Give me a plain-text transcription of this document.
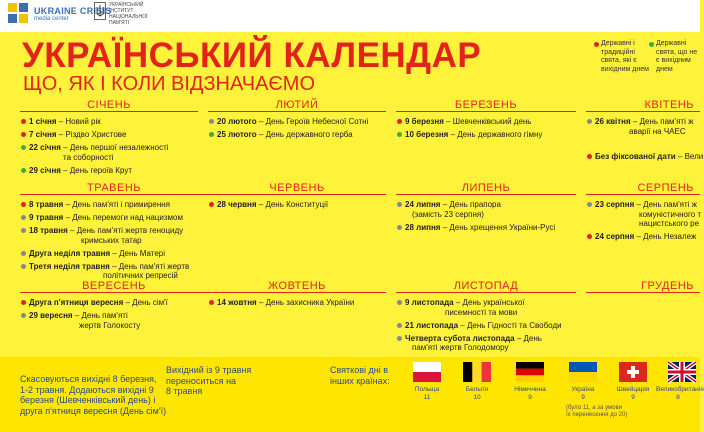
UKRAINE CRISIS
media center
УКРАЇНСЬКИЙ ІНСТИТУТ НАЦІОНАЛЬНОЇ ПАМ'ЯТІ
УКРАЇНСЬКИЙ КАЛЕНДАР
ЩО, ЯК І КОЛИ ВІДЗНАЧАЄМО
Державні і традиційні свята, які є вихідним днем
Державні свята, що не є вихідним днем
СІЧЕНЬ
1 січня – Новий рік
7 січня – Різдво Христове
22 січня – День першої незалежності
та соборності
29 січня – День героїв Крут
ЛЮТИЙ
20 лютого – День Героїв Небесної Сотні
25 лютого – День державного герба
БЕРЕЗЕНЬ
9 березня – Шевченківський день
10 березня – День державного гімну
КВІТЕНЬ
26 квітня – День пам'яті ж
аварії на ЧАЕС
Без фіксованої дати – Вели
ТРАВЕНЬ
8 травня – День пам'яті і примирення
9 травня – День перемоги над нацизмом
18 травня – День пам'яті жертв геноциду
кримських татар
Друга неділя травня – День Матері
Третя неділя травня – День пам'яті жертв
політичних репресій
ЧЕРВЕНЬ
28 червня – День Конституції
ЛИПЕНЬ
24 липня – День прапора
(замість 23 серпня)
28 липня – День хрещення України-Русі
СЕРПЕНЬ
23 серпня – День пам'яті ж
комуністичного т
нацистського ре
24 серпня – День Незалеж
ВЕРЕСЕНЬ
Друга п'ятниця вересня – День сім'ї
29 вересня – День пам'яті
жертв Голокосту
ЖОВТЕНЬ
14 жовтня – День захисника України
ЛИСТОПАД
9 листопада – День української
писемності та мови
21 листопада – День Гідності та Свободи
Четверта субота листопада – День
пам'яті жертв Голодомору
ГРУДЕНЬ
Скасовуються вихідні 8 березня,
1-2 травня. Додаються вихідні 9
березня (Шевченківський день) і
друга п'ятниця вересня (День сім'ї)
Вихідний із 9 травня
переноситься на
8 травня
Святкові дні в
інших країнах:
Польща
11
Бельгія
10
Німеччина
9
Україна
9
Швейцарія
9
Великобританія
8
(було 11, а за умови
їх перенесення до 20)
